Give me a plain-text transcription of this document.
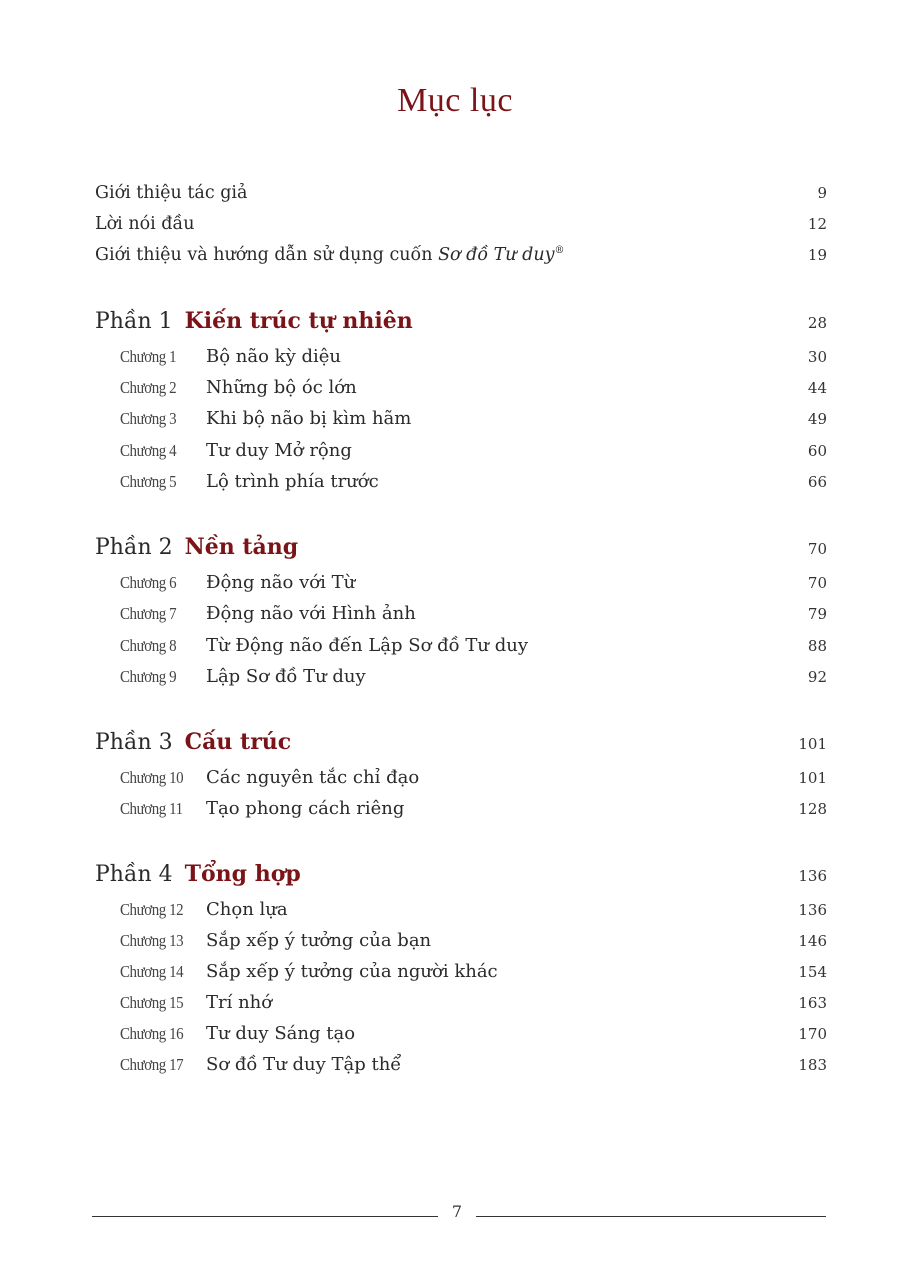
Mục lục
Giới thiệu tác giả	9
Lời nói đầu	12
Giới thiệu và hướng dẫn sử dụng cuốn Sơ đồ Tư duy®	19
Phần 1 Kiến trúc tự nhiên	28
Chương 1	Bộ não kỳ diệu	30
Chương 2	Những bộ óc lớn	44
Chương 3	Khi bộ não bị kìm hãm	49
Chương 4	Tư duy Mở rộng	60
Chương 5	Lộ trình phía trước	66
Phần 2 Nền tảng	70
Chương 6	Động não với Từ	70
Chương 7	Động não với Hình ảnh	79
Chương 8	Từ Động não đến Lập Sơ đồ Tư duy	88
Chương 9	Lập Sơ đồ Tư duy	92
Phần 3 Cấu trúc	101
Chương 10	Các nguyên tắc chỉ đạo	101
Chương 11	Tạo phong cách riêng	128
Phần 4 Tổng hợp	136
Chương 12	Chọn lựa	136
Chương 13	Sắp xếp ý tưởng của bạn	146
Chương 14	Sắp xếp ý tưởng của người khác	154
Chương 15	Trí nhớ	163
Chương 16	Tư duy Sáng tạo	170
Chương 17	Sơ đồ Tư duy Tập thể	183
7
